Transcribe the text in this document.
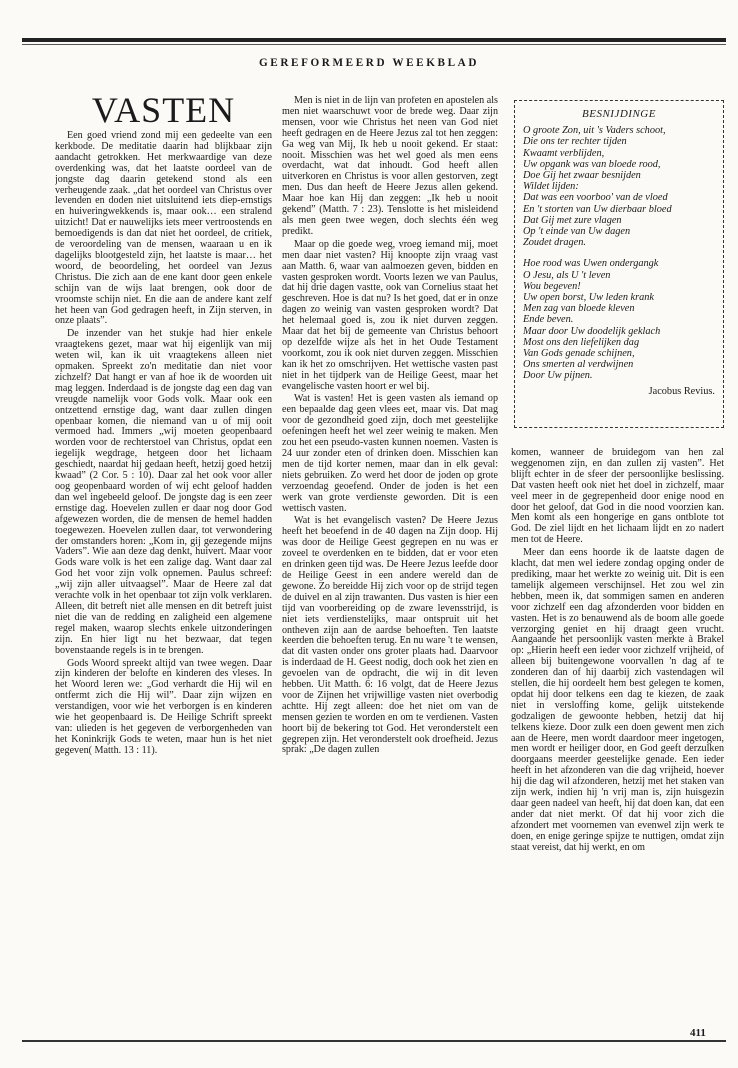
GEREFORMEERD WEEKBLAD
VASTEN

Een goed vriend zond mij een gedeelte van een kerkbode. De meditatie daarin had blijkbaar zijn aandacht getrokken. Het merkwaardige van deze overdenking was, dat het laatste oordeel van de jongste dag daarin getekend stond als een verheugende zaak. „dat het oordeel van Christus over levenden en doden niet uitsluitend iets diep-ernstigs en huiveringwekkends is, maar ook… een stralend uitzicht! Dat er nauwelijks iets meer vertroostends en bemoedigends is dan dat niet het oordeel, de critiek, de veroordeling van de mensen, waaraan u en ik dagelijks blootgesteld zijn, het laatste is maar… het woord, de beoordeling, het oordeel van Jezus Christus. Die zich aan de ene kant door geen enkele schijn van de wijs laat brengen, ook door de vroomste schijn niet. En die aan de andere kant zelf het heen van God gedragen heeft, in Zijn sterven, in onze plaats”.

De inzender van het stukje had hier enkele vraagtekens gezet, maar wat hij eigenlijk van mij weten wil, kan ik uit vraagtekens alleen niet opmaken. Spreekt zo'n meditatie dan niet voor zichzelf? Dat hangt er van af hoe ik de woorden uit mag leggen. Inderdaad is de jongste dag een dag van vreugde namelijk voor Gods volk. Maar ook een ontzettend ernstige dag, want daar zullen dingen openbaar komen, die niemand van u of mij ooit vermoed had. Immers „wij moeten geopenbaard worden voor de rechterstoel van Christus, opdat een iegelijk wegdrage, hetgeen door het lichaam geschiedt, naardat hij gedaan heeft, hetzij goed hetzij kwaad” (2 Cor. 5 : 10). Daar zal het ook voor aller oog geopenbaard worden of wij echt geloof hadden dan wel ingebeeld geloof. De jongste dag is een zeer ernstige dag. Hoevelen zullen er daar nog door God afgewezen worden, die de mensen de hemel hadden toegewezen. Hoevelen zullen daar, tot verwondering der omstanders horen: „Kom in, gij gezegende mijns Vaders”. Wie aan deze dag denkt, huivert. Maar voor Gods ware volk is het een zalige dag. Want daar zal God het voor zijn volk opnemen. Paulus schreef: „wij zijn aller uitvaagsel”. Maar de Heere zal dat verachte volk in het openbaar tot zijn volk verklaren. Alleen, dit betreft niet alle mensen en dit betreft juist niet die van de redding en zaligheid een algemene regel maken, waarop slechts enkele uitzonderingen zijn. En hier ligt nu het bezwaar, dat tegen bovenstaande regels is in te brengen.

Gods Woord spreekt altijd van twee wegen. Daar zijn kinderen der belofte en kinderen des vleses. In het Woord leren we: „God verhardt die Hij wil en ontfermt zich die Hij wil”. Daar zijn wijzen en verstandigen, voor wie het verborgen is en kinderen wie het geopenbaard is. De Heilige Schrift spreekt van: ulieden is het gegeven de verborgenheden van het Koninkrijk Gods te weten, maar hun is het niet gegeven( Matth. 13 : 11).

Men is niet in de lijn van profeten en apostelen als men niet waarschuwt voor de brede weg. Daar zijn mensen, voor wie Christus het neen van God niet heeft gedragen en de Heere Jezus zal tot hen zeggen: Ga weg van Mij, Ik heb u nooit gekend. Er staat: nooit. Misschien was het wel goed als men eens overdacht, wat dat inhoudt. God heeft allen uitverkoren en Christus is voor allen gestorven, zegt men. Dus dan heeft de Heere Jezus allen gekend. Maar hoe kan Hij dan zeggen: „Ik heb u nooit gekend” (Matth. 7 : 23). Tenslotte is het misleidend als men geen twee wegen, doch slechts één weg predikt.

Maar op die goede weg, vroeg iemand mij, moet men daar niet vasten? Hij knoopte zijn vraag vast aan Matth. 6, waar van aalmoezen geven, bidden en vasten gesproken wordt. Voorts lezen we van Paulus, dat hij drie dagen vastte, ook van Cornelius staat het geschreven. Hoe is dat nu? Is het goed, dat er in onze dagen zo weinig van vasten gesproken wordt? Dat het helemaal goed is, zou ik niet durven zeggen. Maar dat het bij de gemeente van Christus behoort op dezelfde wijze als het in het Oude Testament voorkomt, zou ik ook niet durven zeggen. Misschien kan ik het zo omschrijven. Het wettische vasten past niet in het tijdperk van de Heilige Geest, maar het evangelische vasten hoort er wel bij.

Wat is vasten! Het is geen vasten als iemand op een bepaalde dag geen vlees eet, maar vis. Dat mag voor de gezondheid goed zijn, doch met geestelijke oefeningen heeft het wel zeer weinig te maken. Men zou het een pseudo-vasten kunnen noemen. Vasten is 24 uur zonder eten of drinken doen. Misschien kan men de tijd korter nemen, maar dan in elk geval: niets gebruiken. Zo werd het door de joden op grote verzoendag geoefend. Onder de joden is het een werk van grote verdienste geworden. Dit is een wettisch vasten.

Wat is het evangelisch vasten? De Heere Jezus heeft het beoefend in de 40 dagen na Zijn doop. Hij was door de Heilige Geest gegrepen en nu was er zoveel te overdenken en te bidden, dat er voor eten en drinken geen tijd was. De Heere Jezus leefde door de Heilige Geest in een andere wereld dan de gewone. Zo bereidde Hij zich voor op de strijd tegen de duivel en al zijn trawanten. Dus vasten is hier een tijd van voorbereiding op de zware levensstrijd, is niet iets verdienstelijks, maar ontspruit uit het ontheven zijn aan de aardse behoeften. Ten laatste keerden die behoeften terug. En nu ware 't te wensen, dat dit vasten onder ons groter plaats had. Daarvoor is inderdaad de H. Geest nodig, doch ook het zien en gevoelen van de opdracht, die wij in dit leven hebben. Uit Matth. 6: 16 volgt, dat de Heere Jezus voor de Zijnen het vrijwillige vasten niet overbodig achtte. Hij zegt alleen: doe het niet om van de mensen gezien te worden en om te verdienen. Vasten hoort bij de bekering tot God. Het veronderstelt een gegrepen zijn. Het veronderstelt ook droefheid. Jezus sprak: „De dagen zullen

BESNIJDINGE
O groote Zon, uit 's Vaders schoot,
Die ons ter rechter tijden
Kwaamt verblijden,
Uw opgank was van bloede rood,
Doe Gij het zwaar besnijden
Wildet lijden:
Dat was een voorboo' van de vloed
En 't storten van Uw dierbaar bloed
Dat Gij met zure vlagen
Op 't einde van Uw dagen
Zoudet dragen.
Hoe rood was Uwen ondergangk
O Jesu, als U 't leven
Wou begeven!
Uw open borst, Uw leden krank
Men zag van bloede kleven
Ende beven.
Maar door Uw doodelijk geklach
Most ons den liefelijken dag
Van Gods genade schijnen,
Ons smerten al verdwijnen
Door Uw pijnen.
Jacobus Revius.

komen, wanneer de bruidegom van hen zal weggenomen zijn, en dan zullen zij vasten”. Het blijft echter in de sfeer der persoonlijke beslissing. Dat vasten heeft ook niet het doel in zichzelf, maar veel meer in de gegrepenheid door enige nood en door het geloof, dat God in die nood voorzien kan. Men komt als een hongerige en gans ontblote tot God. De ziel lijdt en het lichaam lijdt en zo nadert men tot de Heere.

Meer dan eens hoorde ik de laatste dagen de klacht, dat men wel iedere zondag opging onder de prediking, maar het werkte zo weinig uit. Dit is een tamelijk algemeen verschijnsel. Het zou wel zin hebben, meen ik, dat sommigen samen en anderen voor zichzelf een dag afzonderden voor bidden en vasten. Het is zo benauwend als de boom alle goede verzorging geniet en hij draagt geen vrucht. Aangaande het persoonlijk vasten merkte à Brakel op: „Hierin heeft een ieder voor zichzelf vrijheid, of alleen bij buitengewone voorvallen 'n dag af te zonderen dan of hij daarbij zich vastendagen wil stellen, die hij oordeelt hem best gelegen te komen, opdat hij door telkens een dag te kiezen, de zaak niet in versloffing kome, gelijk uitstekende godzaligen de gewoonte hebben, hetzij dat hij telkens kieze. Door zulk een doen gewent men zich aan de Heere, men wordt daardoor meer ingetogen, men wordt er heiliger door, en God geeft derzulken doorgaans meerder geestelijke genade. Een ieder heeft in het afzonderen van die dag vrijheid, hoever hij die dag wil afzonderen, hetzij met het staken van zijn werk, indien hij 'n vrij man is, zijn huisgezin daar geen nadeel van heeft, hij dat doen kan, dat een ander dat niet merkt. Of dat hij voor zich die afzondert met voornemen van evenwel zijn werk te doen, en enige geringe spijze te nuttigen, omdat zijn staat vereist, dat hij werkt, en om

411
